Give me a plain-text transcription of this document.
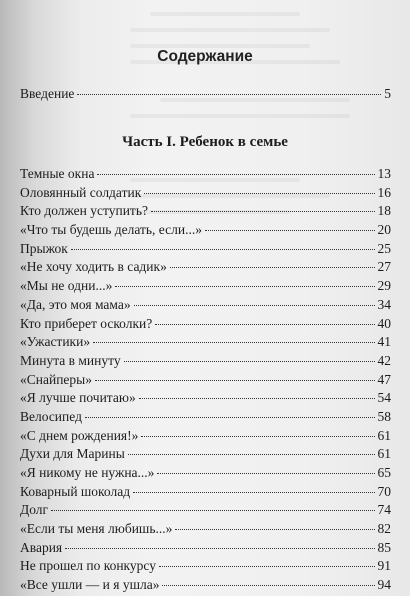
Содержание
Введение	5
Часть I. Ребенок в семье
Темные окна	13
Оловянный солдатик	16
Кто должен уступить?	18
«Что ты будешь делать, если...»	20
Прыжок	25
«Не хочу ходить в садик»	27
«Мы не одни...»	29
«Да, это моя мама»	34
Кто приберет осколки?	40
«Ужастики»	41
Минута в минуту	42
«Снайперы»	47
«Я лучше почитаю»	54
Велосипед	58
«С днем рождения!»	61
Духи для Марины	61
«Я никому не нужна...»	65
Коварный шоколад	70
Долг	74
«Если ты меня любишь...»	82
Авария	85
Не прошел по конкурсу	91
«Все ушли — и я ушла»	94
